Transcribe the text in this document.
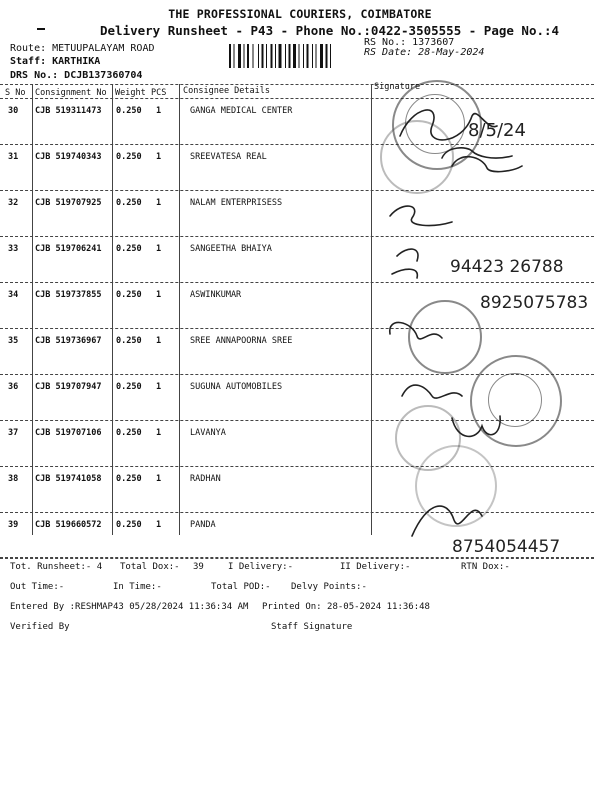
THE PROFESSIONAL COURIERS, COIMBATORE
Delivery Runsheet - P43 - Phone No.:0422-3505555 - Page No.:4
Route: METUUPALAYAM ROAD
Staff: KARTHIKA
DRS No.: DCJB137360704
RS No.: 1373607
RS Date: 28-May-2024
S No Consignment No Weight PCS Consignee Details	Signature
30 CJB 519311473 0.250 1	GANGA MEDICAL CENTER
31 CJB 519740343 0.250 1	SREEVATESA REAL
32 CJB 519707925 0.250 1	NALAM ENTERPRISESS
33 CJB 519706241 0.250 1	SANGEETHA BHAIYA
34 CJB 519737855 0.250 1	ASWINKUMAR
35 CJB 519736967 0.250 1	SREE ANNAPOORNA SREE
36 CJB 519707947 0.250 1	SUGUNA AUTOMOBILES
37 CJB 519707106 0.250 1	LAVANYA
38 CJB 519741058 0.250 1	RADHAN
39 CJB 519660572 0.250 1	PANDA
8/5/24
94423 26788
8925075783
8754054457
Tot. Runsheet:- 4 Total Dox:- 39	I Delivery:-	II Delivery:-	RTN Dox:-
Out Time:-	In Time:-	Total POD:- Delvy Points:-
Entered By :RESHMAP43 05/28/2024 11:36:34 AM Printed On: 28-05-2024 11:36:48
Verified By	Staff Signature
